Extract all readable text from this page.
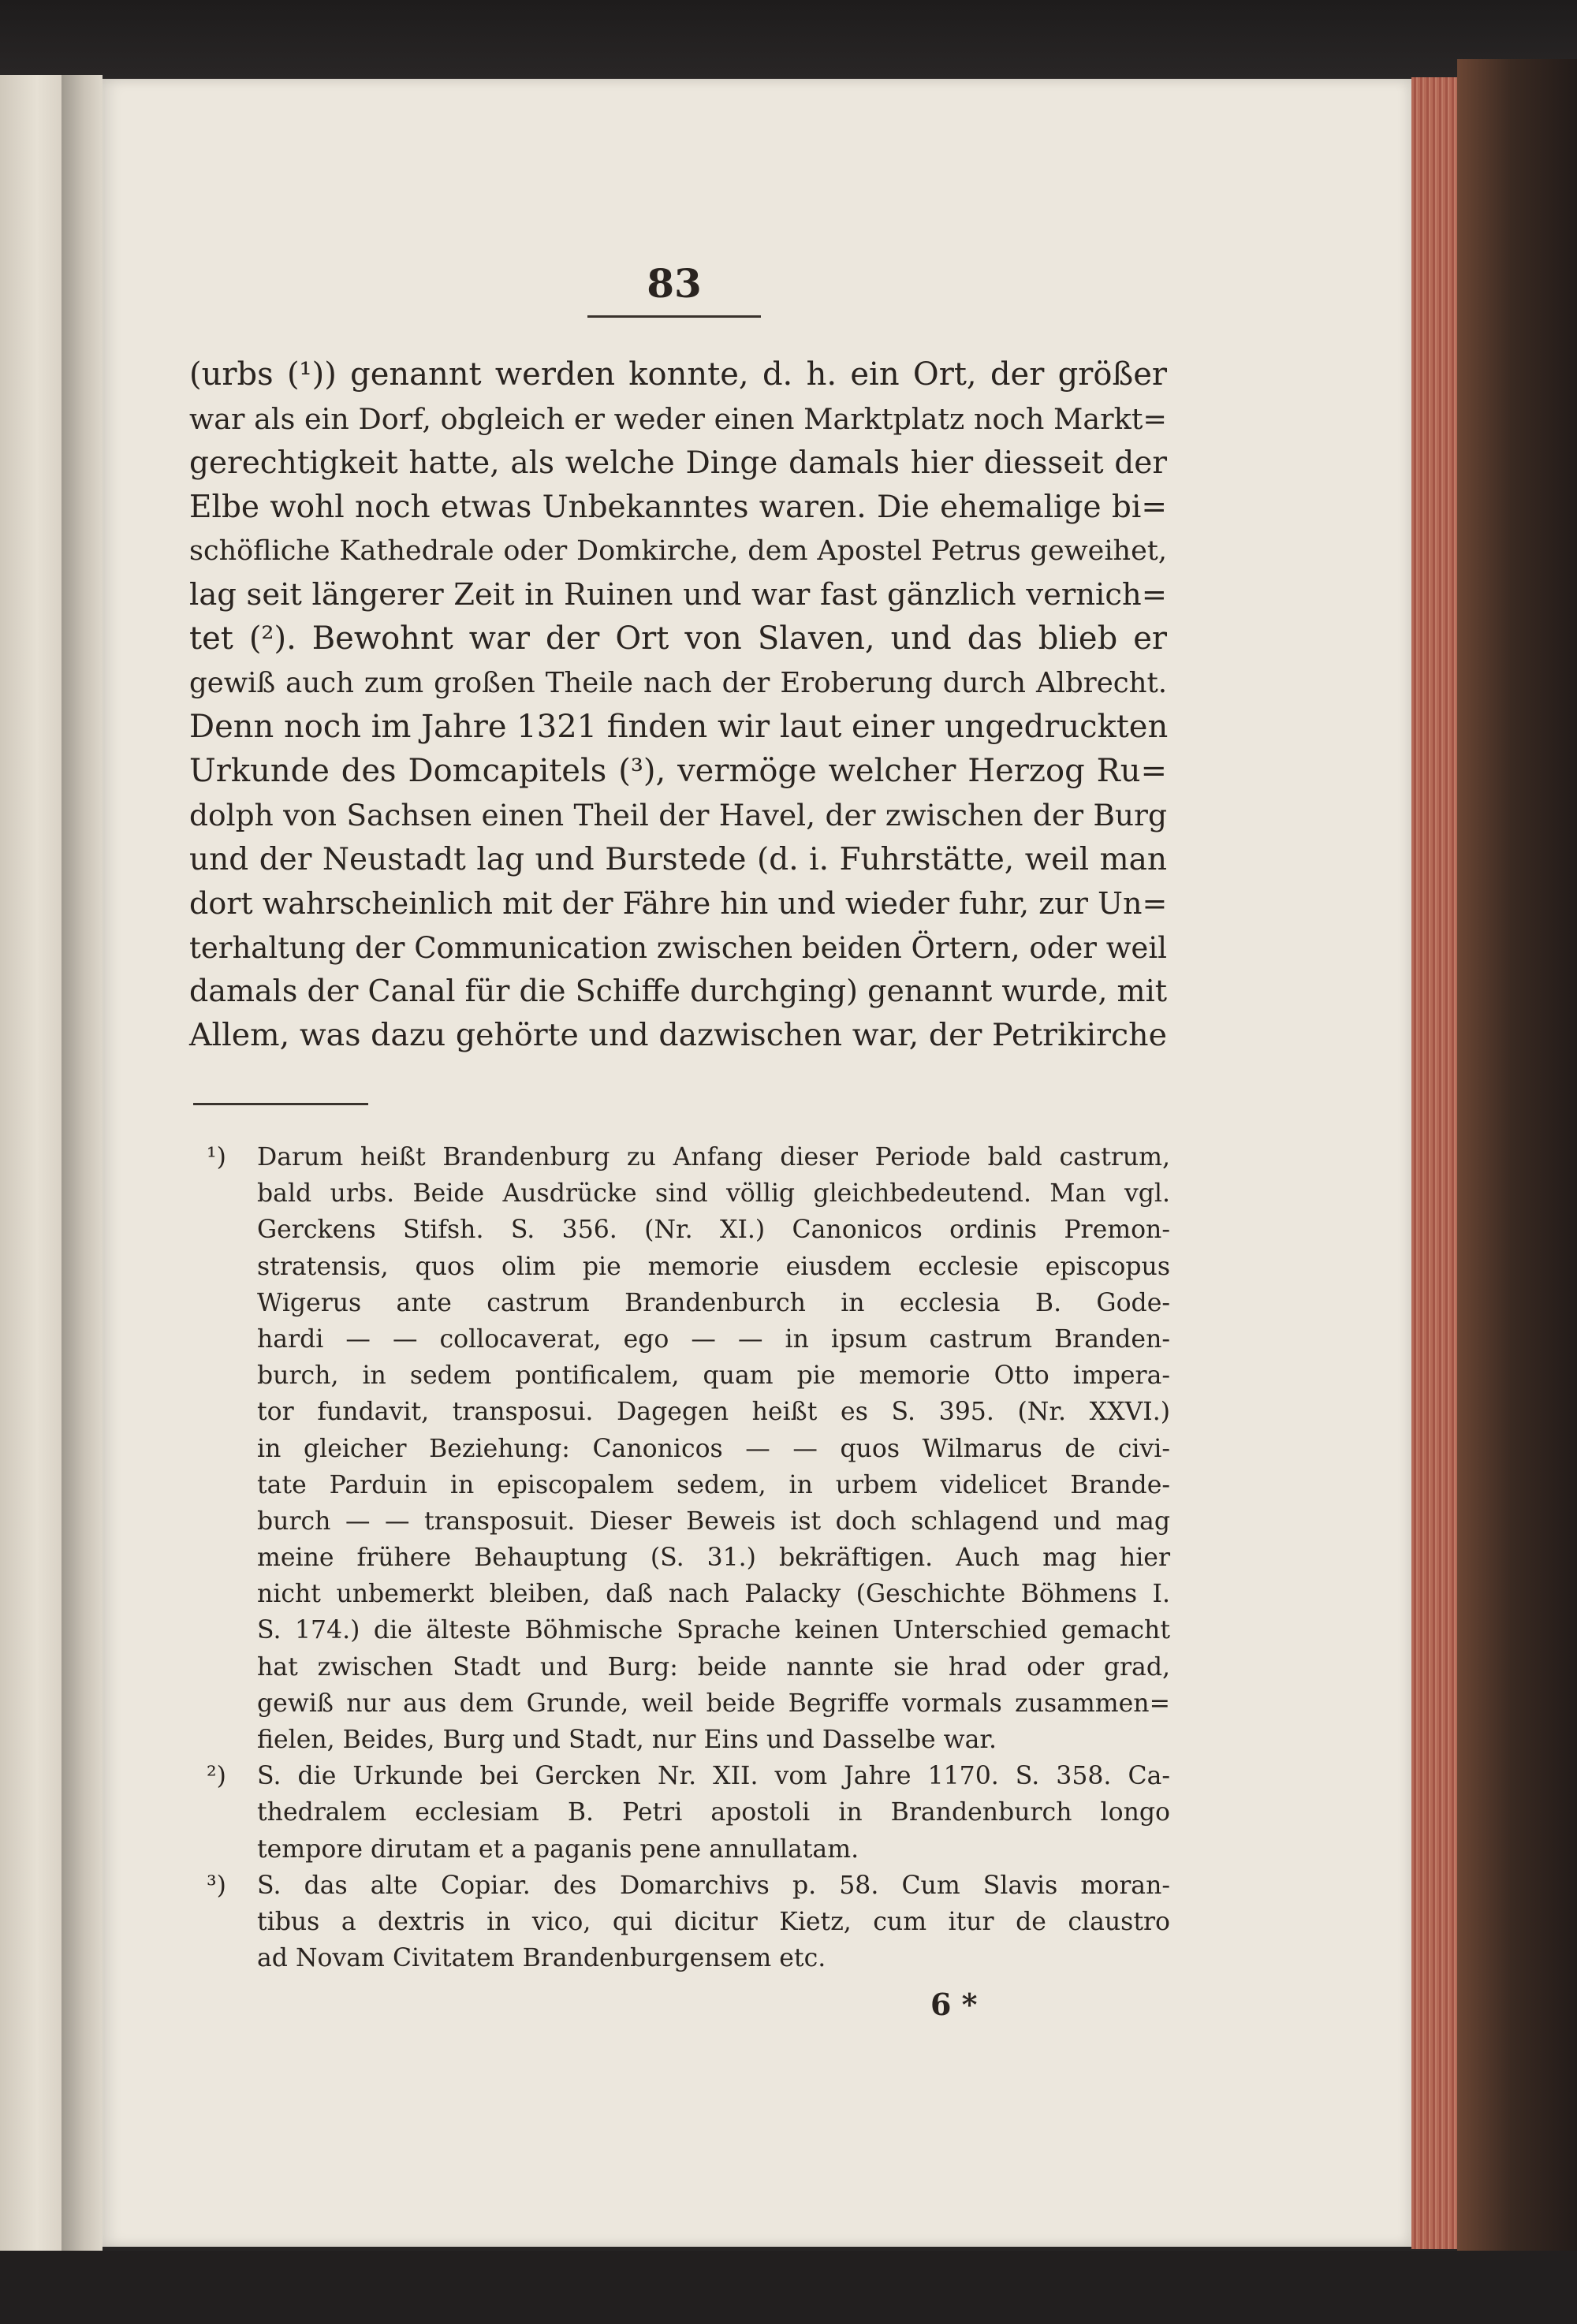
83
(urbs (¹)) genannt werden konnte, d. h. ein Ort, der größer
war als ein Dorf, obgleich er weder einen Marktplatz noch Markt=
gerechtigkeit hatte, als welche Dinge damals hier diesseit der
Elbe wohl noch etwas Unbekanntes waren. Die ehemalige bi=
schöfliche Kathedrale oder Domkirche, dem Apostel Petrus geweihet,
lag seit längerer Zeit in Ruinen und war fast gänzlich vernich=
tet (²). Bewohnt war der Ort von Slaven, und das blieb er
gewiß auch zum großen Theile nach der Eroberung durch Albrecht.
Denn noch im Jahre 1321 finden wir laut einer ungedruckten
Urkunde des Domcapitels (³), vermöge welcher Herzog Ru=
dolph von Sachsen einen Theil der Havel, der zwischen der Burg
und der Neustadt lag und Burstede (d. i. Fuhrstätte, weil man
dort wahrscheinlich mit der Fähre hin und wieder fuhr, zur Un=
terhaltung der Communication zwischen beiden Örtern, oder weil
damals der Canal für die Schiffe durchging) genannt wurde, mit
Allem, was dazu gehörte und dazwischen war, der Petrikirche
¹) Darum heißt Brandenburg zu Anfang dieser Periode bald castrum,
bald urbs. Beide Ausdrücke sind völlig gleichbedeutend. Man vgl.
Gerckens Stifsh. S. 356. (Nr. XI.) Canonicos ordinis Premon-
stratensis, quos olim pie memorie eiusdem ecclesie episcopus
Wigerus ante castrum Brandenburch in ecclesia B. Gode-
hardi — — collocaverat, ego — — in ipsum castrum Branden-
burch, in sedem pontificalem, quam pie memorie Otto impera-
tor fundavit, transposui. Dagegen heißt es S. 395. (Nr. XXVI.)
in gleicher Beziehung: Canonicos — — quos Wilmarus de civi-
tate Parduin in episcopalem sedem, in urbem videlicet Brande-
burch — — transposuit. Dieser Beweis ist doch schlagend und mag
meine frühere Behauptung (S. 31.) bekräftigen. Auch mag hier
nicht unbemerkt bleiben, daß nach Palacky (Geschichte Böhmens I.
S. 174.) die älteste Böhmische Sprache keinen Unterschied gemacht
hat zwischen Stadt und Burg: beide nannte sie hrad oder grad,
gewiß nur aus dem Grunde, weil beide Begriffe vormals zusammen=
fielen, Beides, Burg und Stadt, nur Eins und Dasselbe war.
²) S. die Urkunde bei Gercken Nr. XII. vom Jahre 1170. S. 358. Ca-
thedralem ecclesiam B. Petri apostoli in Brandenburch longo
tempore dirutam et a paganis pene annullatam.
³) S. das alte Copiar. des Domarchivs p. 58. Cum Slavis moran-
tibus a dextris in vico, qui dicitur Kietz, cum itur de claustro
ad Novam Civitatem Brandenburgensem etc.
6 *
